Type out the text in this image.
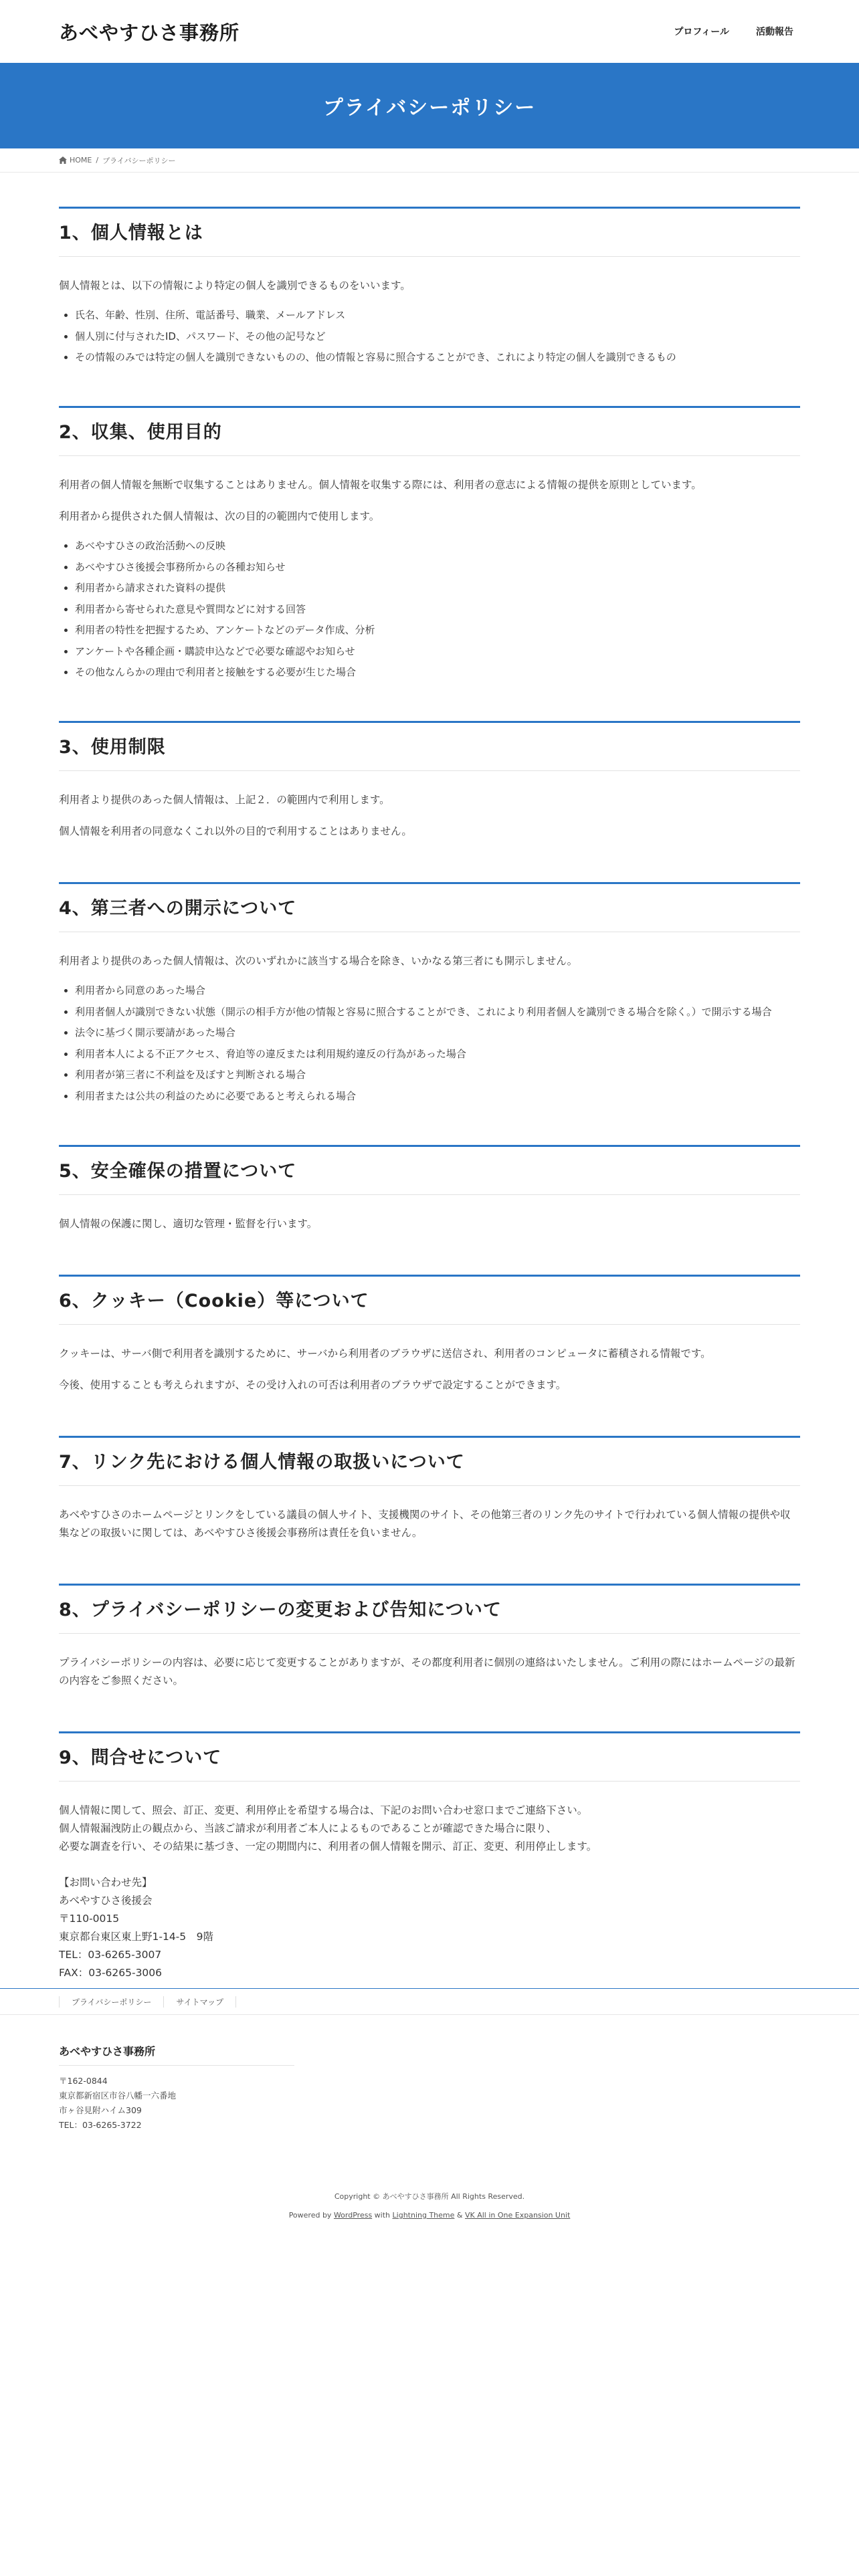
あべやすひさ事務所	プロフィール	活動報告
プライバシーポリシー
HOME / プライバシーポリシー
1、個人情報とは

個人情報とは、以下の情報により特定の個人を識別できるものをいいます。

• 氏名、年齢、性別、住所、電話番号、職業、メールアドレス
• 個人別に付与されたID、パスワード、その他の記号など
• その情報のみでは特定の個人を識別できないものの、他の情報と容易に照合することができ、これにより特定の個人を識別できるもの
2、収集、使用目的

利用者の個人情報を無断で収集することはありません。個人情報を収集する際には、利用者の意志による情報の提供を原則としています。

利用者から提供された個人情報は、次の目的の範囲内で使用します。

• あべやすひさの政治活動への反映
• あべやすひさ後援会事務所からの各種お知らせ
• 利用者から請求された資料の提供
• 利用者から寄せられた意見や質問などに対する回答
• 利用者の特性を把握するため、アンケートなどのデータ作成、分析
• アンケートや各種企画・購読申込などで必要な確認やお知らせ
• その他なんらかの理由で利用者と接触をする必要が生じた場合
3、使用制限

利用者より提供のあった個人情報は、上記２．の範囲内で利用します。

個人情報を利用者の同意なくこれ以外の目的で利用することはありません。

4、第三者への開示について

利用者より提供のあった個人情報は、次のいずれかに該当する場合を除き、いかなる第三者にも開示しません。

• 利用者から同意のあった場合
• 利用者個人が識別できない状態（開示の相手方が他の情報と容易に照合することができ、これにより利用者個人を識別できる場合を除く。）で開示する場合
• 法令に基づく開示要請があった場合
• 利用者本人による不正アクセス、脅迫等の違反または利用規約違反の行為があった場合
• 利用者が第三者に不利益を及ぼすと判断される場合
• 利用者または公共の利益のために必要であると考えられる場合
5、安全確保の措置について

個人情報の保護に関し、適切な管理・監督を行います。

6、クッキー（Cookie）等について

クッキーは、サーバ側で利用者を識別するために、サーバから利用者のブラウザに送信され、利用者のコンピュータに蓄積される情報です。

今後、使用することも考えられますが、その受け入れの可否は利用者のブラウザで設定することができます。

7、リンク先における個人情報の取扱いについて

あべやすひさのホームページとリンクをしている議員の個人サイト、支援機関のサイト、その他第三者のリンク先のサイトで行われている個人情報の提供や収集などの取扱いに関しては、あべやすひさ後援会事務所は責任を負いません。

8、プライバシーポリシーの変更および告知について

プライバシーポリシーの内容は、必要に応じて変更することがありますが、その都度利用者に個別の連絡はいたしません。ご利用の際にはホームページの最新の内容をご参照ください。

9、問合せについて

個人情報に関して、照会、訂正、変更、利用停止を希望する場合は、下記のお問い合わせ窓口までご連絡下さい。

個人情報漏洩防止の観点から、当該ご請求が利用者ご本人によるものであることが確認できた場合に限り、

必要な調査を行い、その結果に基づき、一定の期間内に、利用者の個人情報を開示、訂正、変更、利用停止します。

【お問い合わせ先】

あべやすひさ後援会

〒110-0015

東京都台東区東上野1-14-5　9階

TEL：03-6265‐3007

FAX：03-6265‐3006

プライバシーポリシー	サイトマップ
あべやすひさ事務所

〒162-0844

東京都新宿区市谷八幡一六番地

市ヶ谷見附ハイム309

TEL：03-6265-3722

Copyright © あべやすひさ事務所 All Rights Reserved.
Powered by WordPress with Lightning Theme & VK All in One Expansion Unit
